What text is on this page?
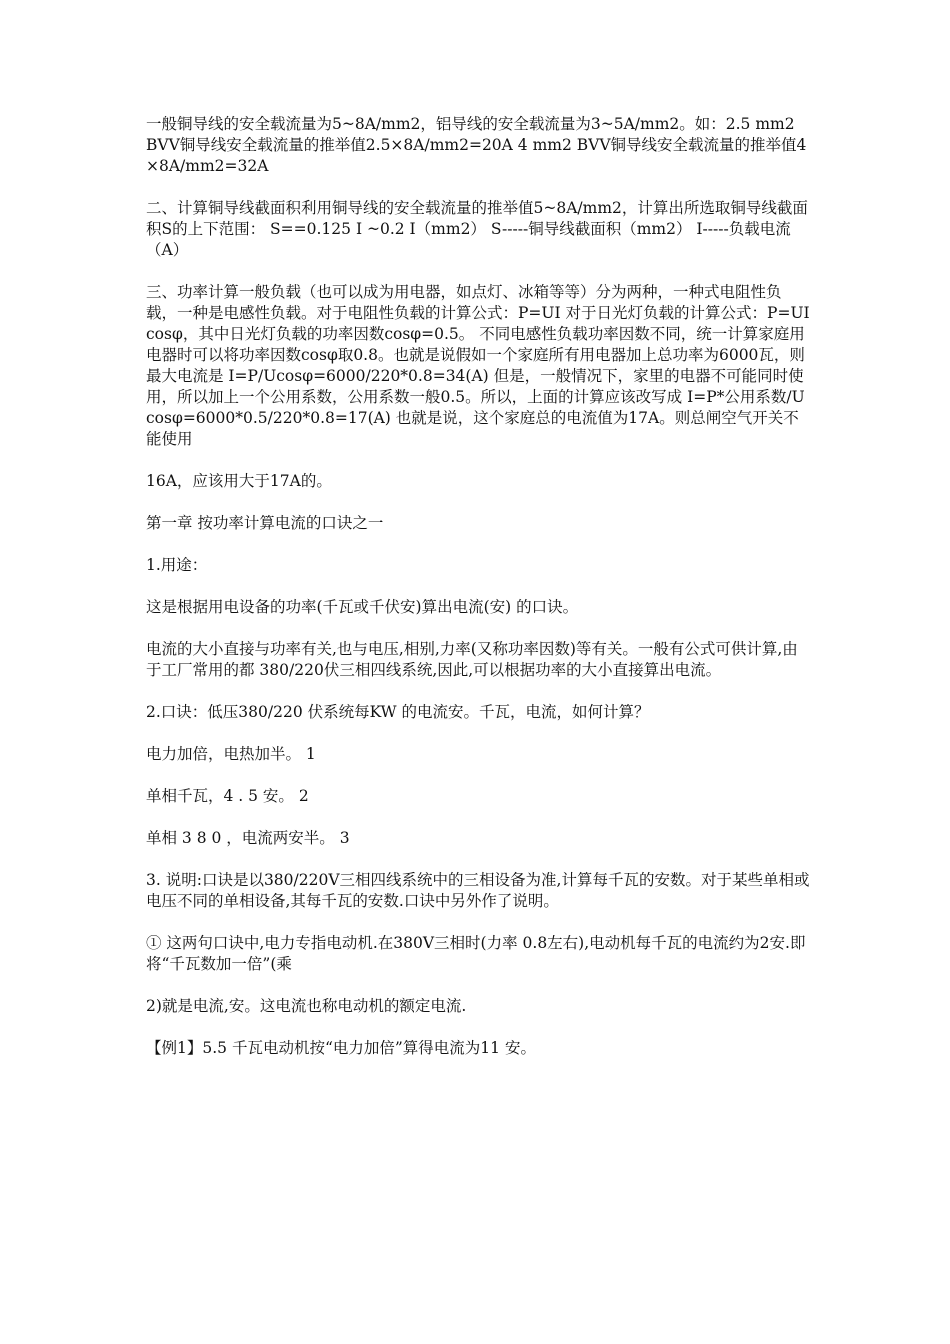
一般铜导线的安全载流量为5~8A/mm2，铝导线的安全载流量为3~5A/mm2。如：2.5 mm2 BVV铜导线安全载流量的推举值2.5×8A/mm2=20A 4 mm2 BVV铜导线安全载流量的推举值4×8A/mm2=32A

二、计算铜导线截面积利用铜导线的安全载流量的推举值5~8A/mm2，计算出所选取铜导线截面积S的上下范围： S==0.125 I ~0.2 I（mm2） S-----铜导线截面积（mm2） I-----负载电流（A）

三、功率计算一般负载（也可以成为用电器，如点灯、冰箱等等）分为两种，一种式电阻性负载，一种是电感性负载。对于电阻性负载的计算公式：P=UI 对于日光灯负载的计算公式：P=UIcosφ，其中日光灯负载的功率因数cosφ=0.5。 不同电感性负载功率因数不同，统一计算家庭用电器时可以将功率因数cosφ取0.8。也就是说假如一个家庭所有用电器加上总功率为6000瓦，则最大电流是 I=P/Ucosφ=6000/220*0.8=34(A) 但是，一般情况下，家里的电器不可能同时使用，所以加上一个公用系数，公用系数一般0.5。所以，上面的计算应该改写成 I=P*公用系数/Ucosφ=6000*0.5/220*0.8=17(A) 也就是说，这个家庭总的电流值为17A。则总闸空气开关不能使用

16A，应该用大于17A的。

第一章 按功率计算电流的口诀之一

1.用途：

这是根据用电设备的功率(千瓦或千伏安)算出电流(安) 的口诀。

电流的大小直接与功率有关,也与电压,相别,力率(又称功率因数)等有关。一般有公式可供计算,由于工厂常用的都 380/220伏三相四线系统,因此,可以根据功率的大小直接算出电流。

2.口诀：低压380/220 伏系统每KW 的电流安。千瓦，电流，如何计算？

电力加倍，电热加半。 1

单相千瓦，4 . 5 安。 2

单相 3 8 0 ，电流两安半。 3

3. 说明:口诀是以380/220V三相四线系统中的三相设备为准,计算每千瓦的安数。对于某些单相或电压不同的单相设备,其每千瓦的安数.口诀中另外作了说明。

① 这两句口诀中,电力专指电动机.在380V三相时(力率 0.8左右),电动机每千瓦的电流约为2安.即将“千瓦数加一倍”(乘

2)就是电流,安。这电流也称电动机的额定电流.

【例1】5.5 千瓦电动机按“电力加倍”算得电流为11 安。
